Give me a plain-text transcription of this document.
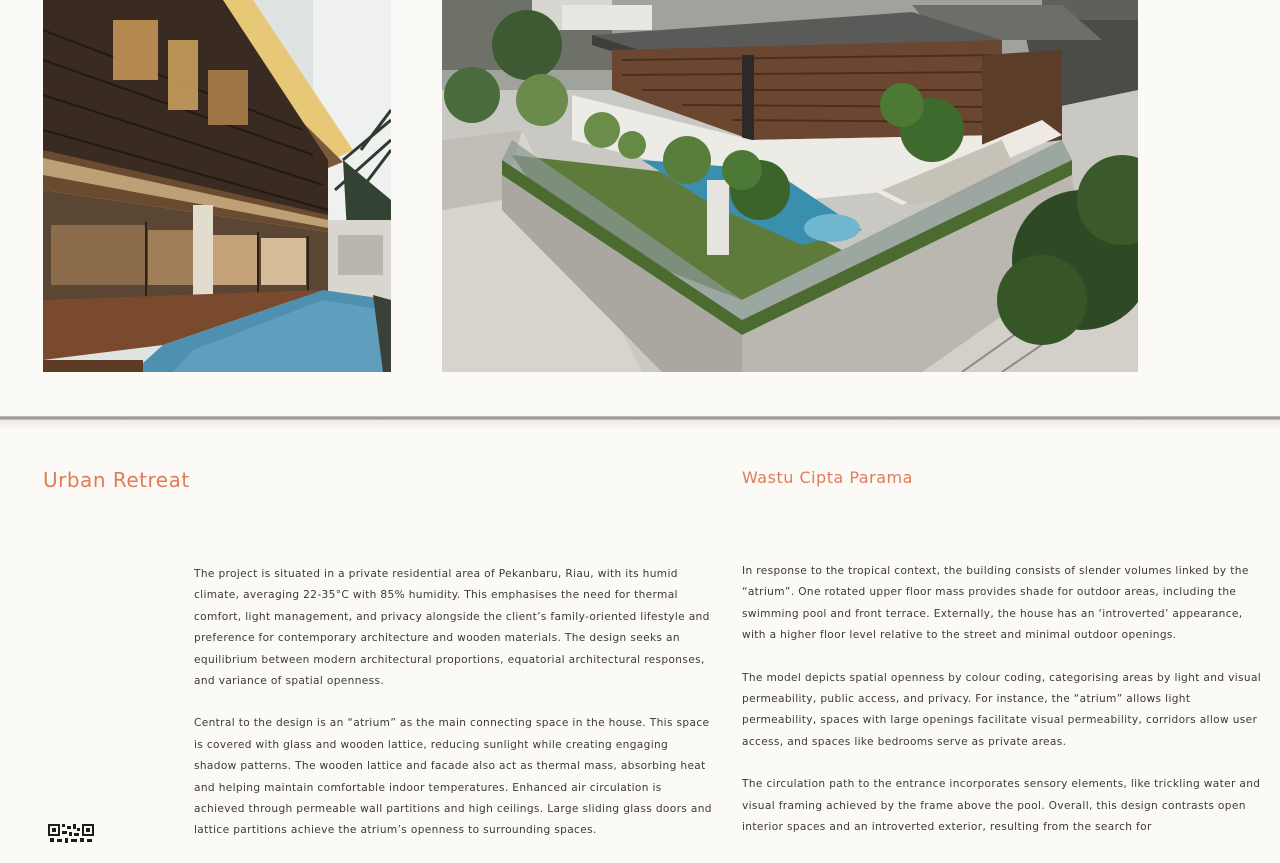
Urban Retreat	Wastu Cipta Parama

The project is situated in a private residential area of Pekanbaru, Riau, with its humid climate, averaging 22-35°C with 85% humidity. This emphasises the need for thermal comfort, light management, and privacy alongside the client’s family-oriented lifestyle and preference for contemporary architecture and wooden materials. The design seeks an equilibrium between modern architectural proportions, equatorial architectural responses, and variance of spatial openness.

Central to the design is an “atrium” as the main connecting space in the house. This space is covered with glass and wooden lattice, reducing sunlight while creating engaging shadow patterns. The wooden lattice and facade also act as thermal mass, absorbing heat and helping maintain comfortable indoor temperatures. Enhanced air circulation is achieved through permeable wall partitions and high ceilings. Large sliding glass doors and lattice partitions achieve the atrium’s openness to surrounding spaces.

In response to the tropical context, the building consists of slender volumes linked by the “atrium”. One rotated upper floor mass provides shade for outdoor areas, including the swimming pool and front terrace. Externally, the house has an ‘introverted’ appearance, with a higher floor level relative to the street and minimal outdoor openings.

The model depicts spatial openness by colour coding, categorising areas by light and visual permeability, public access, and privacy. For instance, the “atrium” allows light permeability, spaces with large openings facilitate visual permeability, corridors allow user access, and spaces like bedrooms serve as private areas.

The circulation path to the entrance incorporates sensory elements, like trickling water and visual framing achieved by the frame above the pool. Overall, this design contrasts open interior spaces and an introverted exterior, resulting from the search for
